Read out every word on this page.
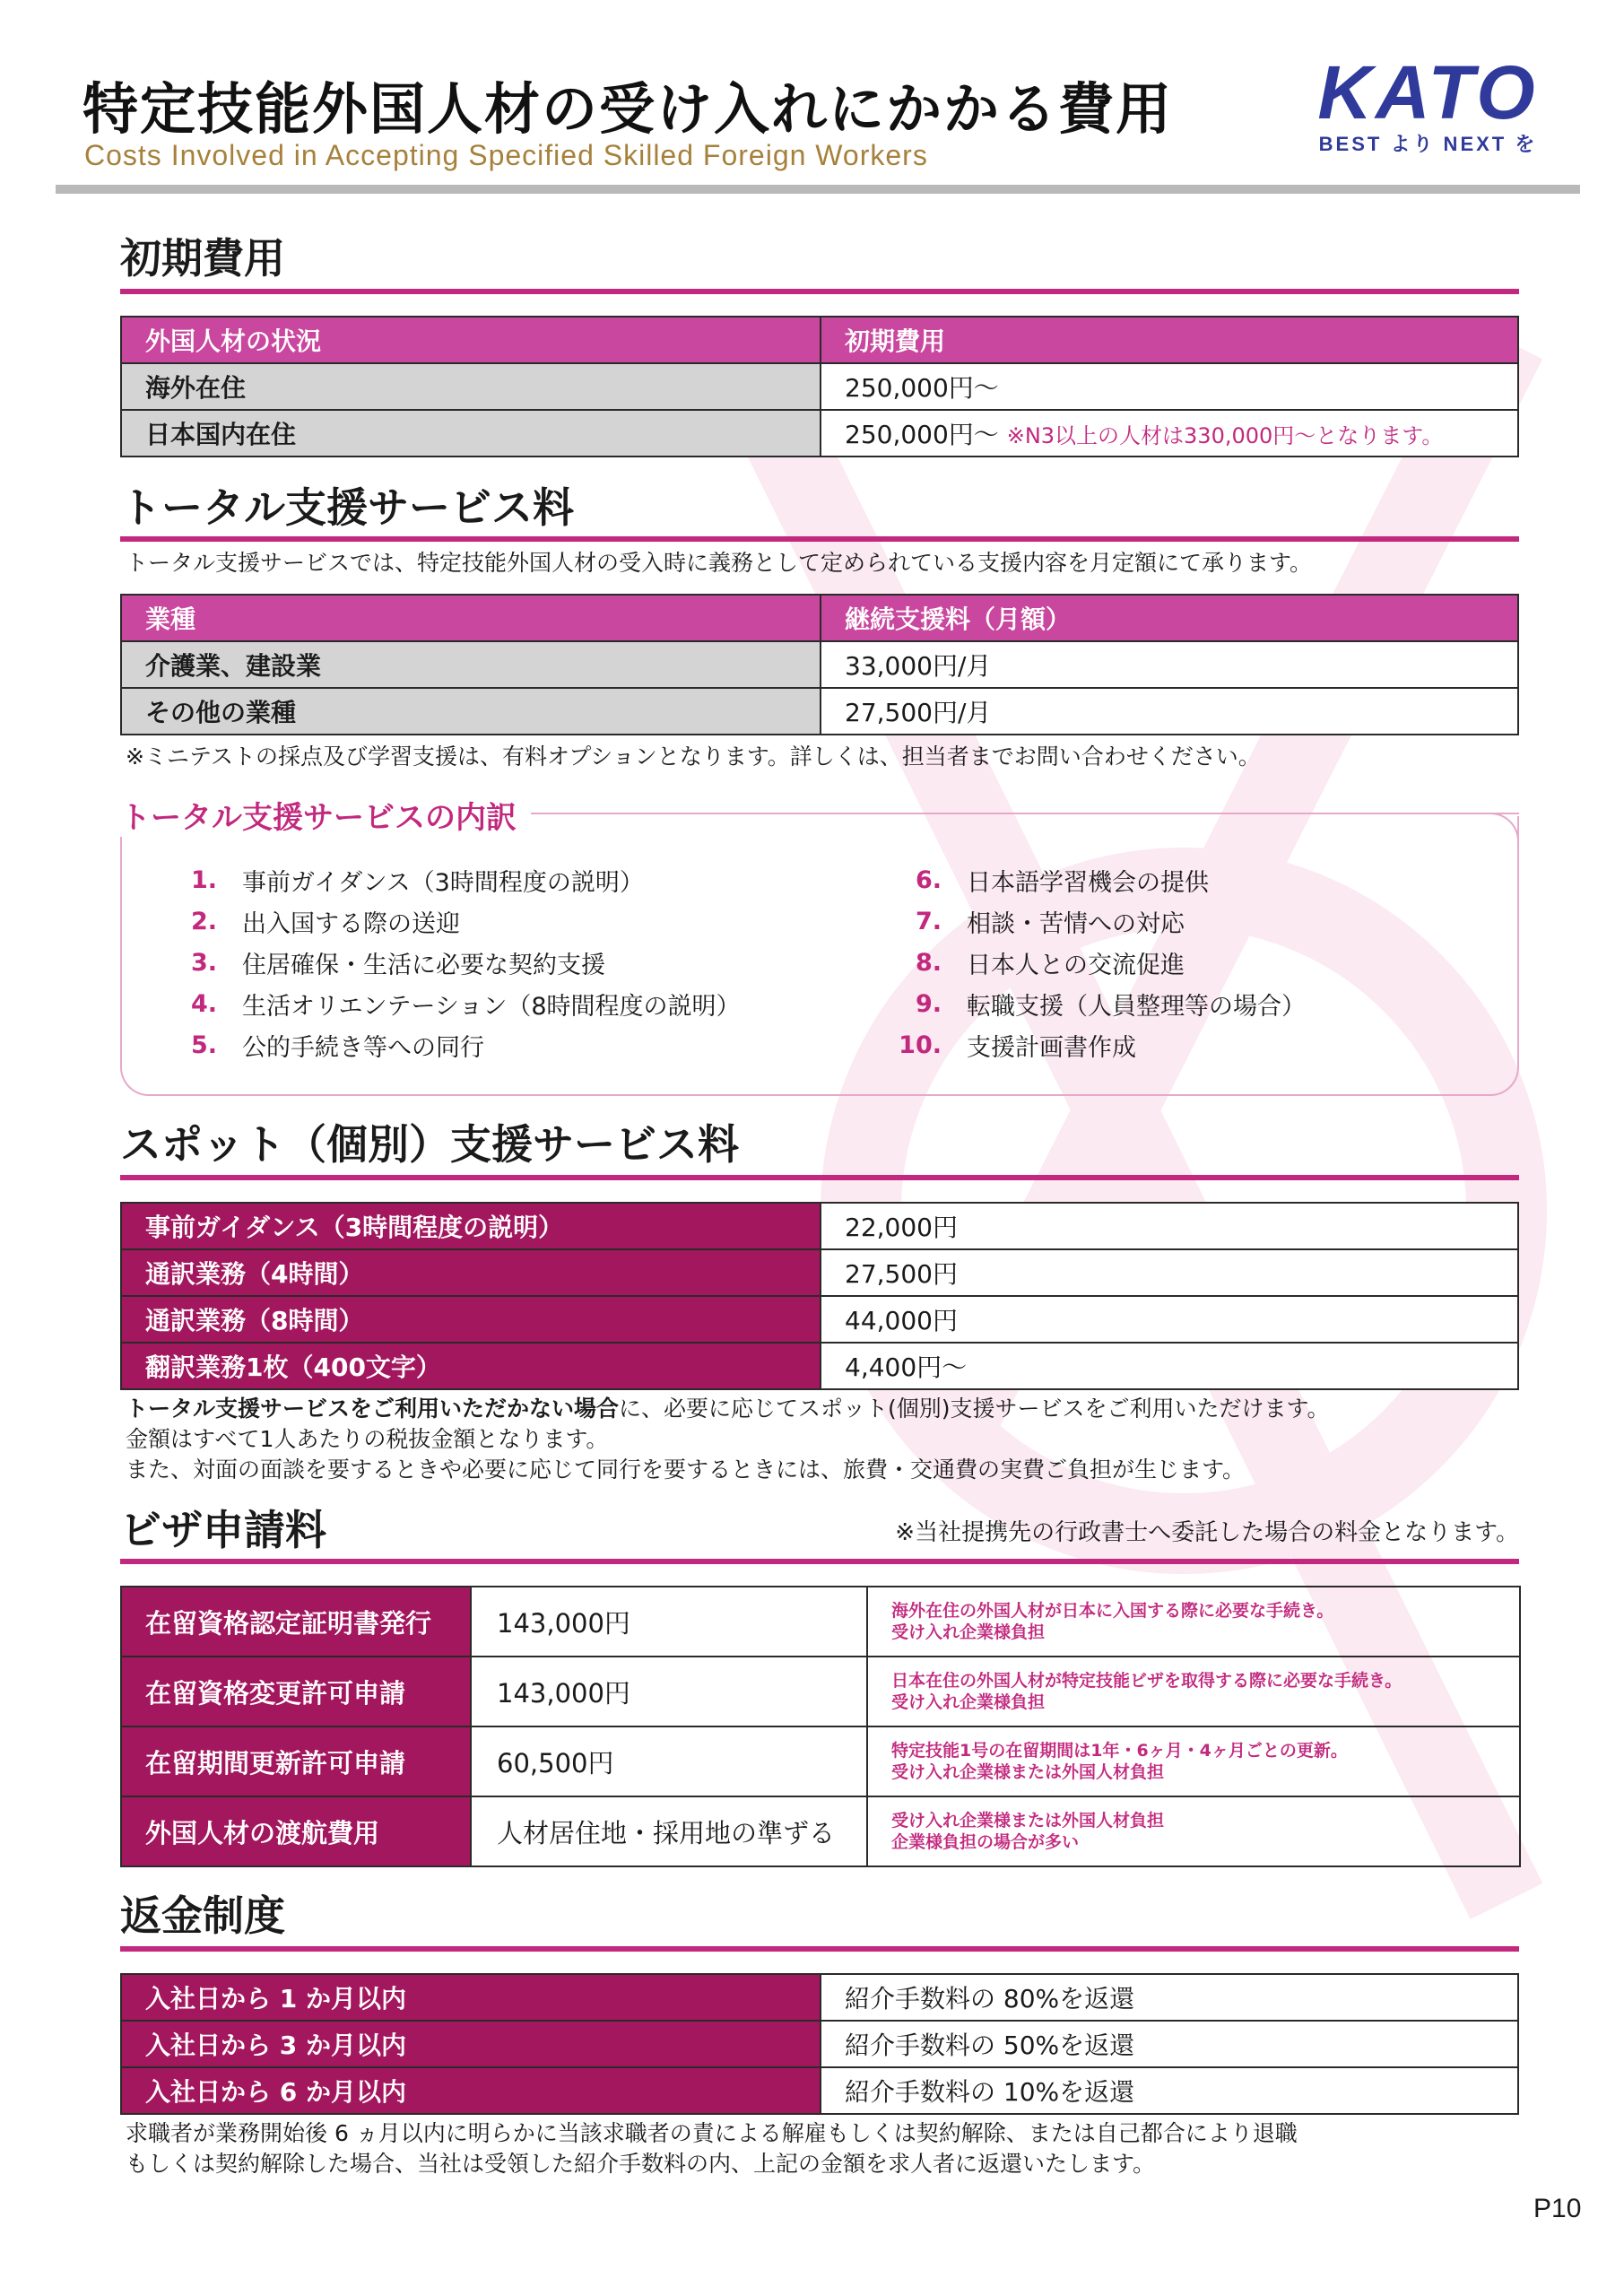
特定技能外国人材の受け入れにかかる費用
Costs Involved in Accepting Specified Skilled Foreign Workers
KATO
BEST より NEXT を
初期費用
外国人材の状況	初期費用
海外在住	250,000円〜
日本国内在住	250,000円〜 ※N3以上の人材は330,000円〜となります。
トータル支援サービス料
トータル支援サービスでは、特定技能外国人材の受入時に義務として定められている支援内容を月定額にて承ります。
業種	継続支援料（月額）
介護業、建設業	33,000円/月
その他の業種	27,500円/月
※ミニテストの採点及び学習支援は、有料オプションとなります。詳しくは、担当者までお問い合わせください。
トータル支援サービスの内訳
1. 事前ガイダンス（3時間程度の説明）
2. 出入国する際の送迎
3. 住居確保・生活に必要な契約支援
4. 生活オリエンテーション（8時間程度の説明）
5. 公的手続き等への同行
6. 日本語学習機会の提供
7. 相談・苦情への対応
8. 日本人との交流促進
9. 転職支援（人員整理等の場合）
10. 支援計画書作成
スポット（個別）支援サービス料
事前ガイダンス（3時間程度の説明）	22,000円
通訳業務（4時間）	27,500円
通訳業務（8時間）	44,000円
翻訳業務1枚（400文字）	4,400円〜
トータル支援サービスをご利用いただかない場合に、必要に応じてスポット(個別)支援サービスをご利用いただけます。
金額はすべて1人あたりの税抜金額となります。
また、対面の面談を要するときや必要に応じて同行を要するときには、旅費・交通費の実費ご負担が生じます。
ビザ申請料	※当社提携先の行政書士へ委託した場合の料金となります。
在留資格認定証明書発行	143,000円	海外在住の外国人材が日本に入国する際に必要な手続き。
受け入れ企業様負担

在留資格変更許可申請	143,000円	日本在住の外国人材が特定技能ビザを取得する際に必要な手続き。
受け入れ企業様負担

在留期間更新許可申請	60,500円	特定技能1号の在留期間は1年・6ヶ月・4ヶ月ごとの更新。
受け入れ企業様または外国人材負担

外国人材の渡航費用	人材居住地・採用地の準ずる	受け入れ企業様または外国人材負担
企業様負担の場合が多い
返金制度
入社日から 1 か月以内	紹介手数料の 80%を返還
入社日から 3 か月以内	紹介手数料の 50%を返還
入社日から 6 か月以内	紹介手数料の 10%を返還
求職者が業務開始後 6 ヵ月以内に明らかに当該求職者の責による解雇もしくは契約解除、または自己都合により退職
もしくは契約解除した場合、当社は受領した紹介手数料の内、上記の金額を求人者に返還いたします。
P10
